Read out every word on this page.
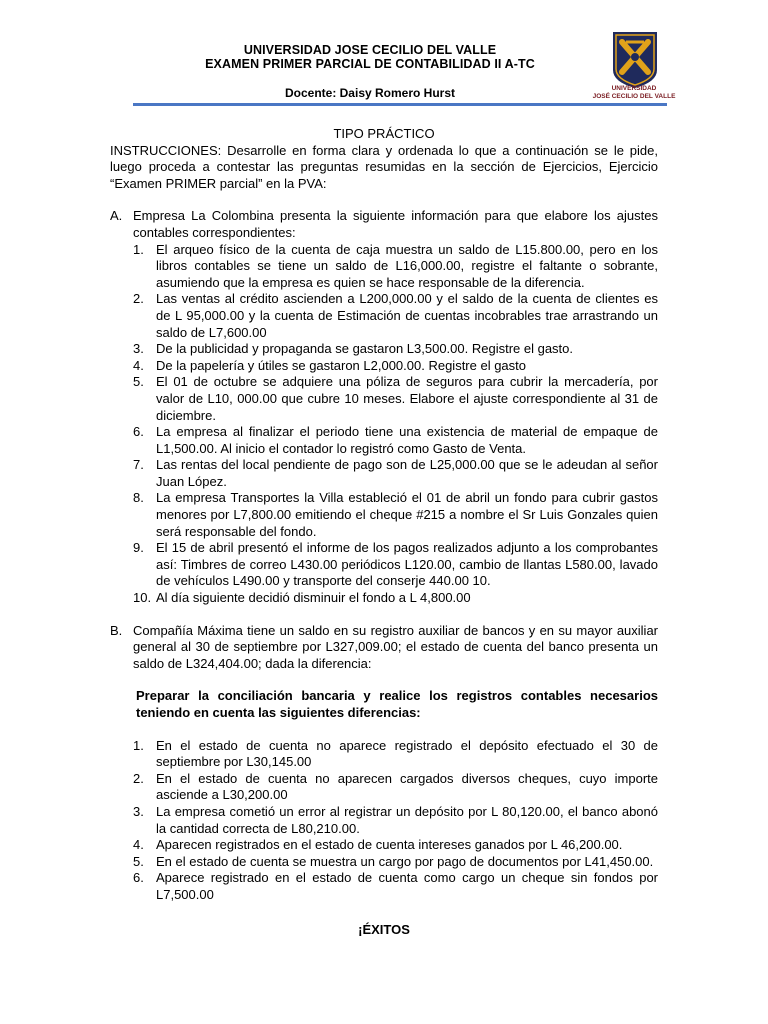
UNIVERSIDAD JOSE CECILIO DEL VALLE
EXAMEN PRIMER PARCIAL DE CONTABILIDAD II A-TC
Docente: Daisy Romero Hurst	UNIVERSIDAD
JOSÉ CECILIO DEL VALLE

TIPO PRÁCTICO

INSTRUCCIONES: Desarrolle en forma clara y ordenada lo que a continuación se le pide, luego proceda a contestar las preguntas resumidas en la sección de Ejercicios, Ejercicio “Examen PRIMER parcial” en la PVA:

A. Empresa La Colombina presenta la siguiente información para que elabore los ajustes contables correspondientes:

1. El arqueo físico de la cuenta de caja muestra un saldo de L15.800.00, pero en los libros contables se tiene un saldo de L16,000.00, registre el faltante o sobrante, asumiendo que la empresa es quien se hace responsable de la diferencia.
2. Las ventas al crédito ascienden a L200,000.00 y el saldo de la cuenta de clientes es de L 95,000.00 y la cuenta de Estimación de cuentas incobrables trae arrastrando un saldo de L7,600.00
3. De la publicidad y propaganda se gastaron L3,500.00. Registre el gasto.
4. De la papelería y útiles se gastaron L2,000.00. Registre el gasto
5. El 01 de octubre se adquiere una póliza de seguros para cubrir la mercadería, por valor de L10, 000.00 que cubre 10 meses. Elabore el ajuste correspondiente al 31 de diciembre.
6. La empresa al finalizar el periodo tiene una existencia de material de empaque de L1,500.00. Al inicio el contador lo registró como Gasto de Venta.
7. Las rentas del local pendiente de pago son de L25,000.00 que se le adeudan al señor Juan López.
8. La empresa Transportes la Villa estableció el 01 de abril un fondo para cubrir gastos menores por L7,800.00 emitiendo el cheque #215 a nombre el Sr Luis Gonzales quien será responsable del fondo.
9. El 15 de abril presentó el informe de los pagos realizados adjunto a los comprobantes así: Timbres de correo L430.00 periódicos L120.00, cambio de llantas L580.00, lavado de vehículos L490.00 y transporte del conserje 440.00 10.
10. Al día siguiente decidió disminuir el fondo a L 4,800.00
B. Compañía Máxima tiene un saldo en su registro auxiliar de bancos y en su mayor auxiliar general al 30 de septiembre por L327,009.00; el estado de cuenta del banco presenta un saldo de L324,404.00; dada la diferencia:

Preparar la conciliación bancaria y realice los registros contables necesarios teniendo en cuenta las siguientes diferencias:

1. En el estado de cuenta no aparece registrado el depósito efectuado el 30 de septiembre por L30,145.00
2. En el estado de cuenta no aparecen cargados diversos cheques, cuyo importe asciende a L30,200.00
3. La empresa cometió un error al registrar un depósito por L 80,120.00, el banco abonó la cantidad correcta de L80,210.00.
4. Aparecen registrados en el estado de cuenta intereses ganados por L 46,200.00.
5. En el estado de cuenta se muestra un cargo por pago de documentos por L41,450.00.
6. Aparece registrado en el estado de cuenta como cargo un cheque sin fondos por L7,500.00

¡ÉXITOS
